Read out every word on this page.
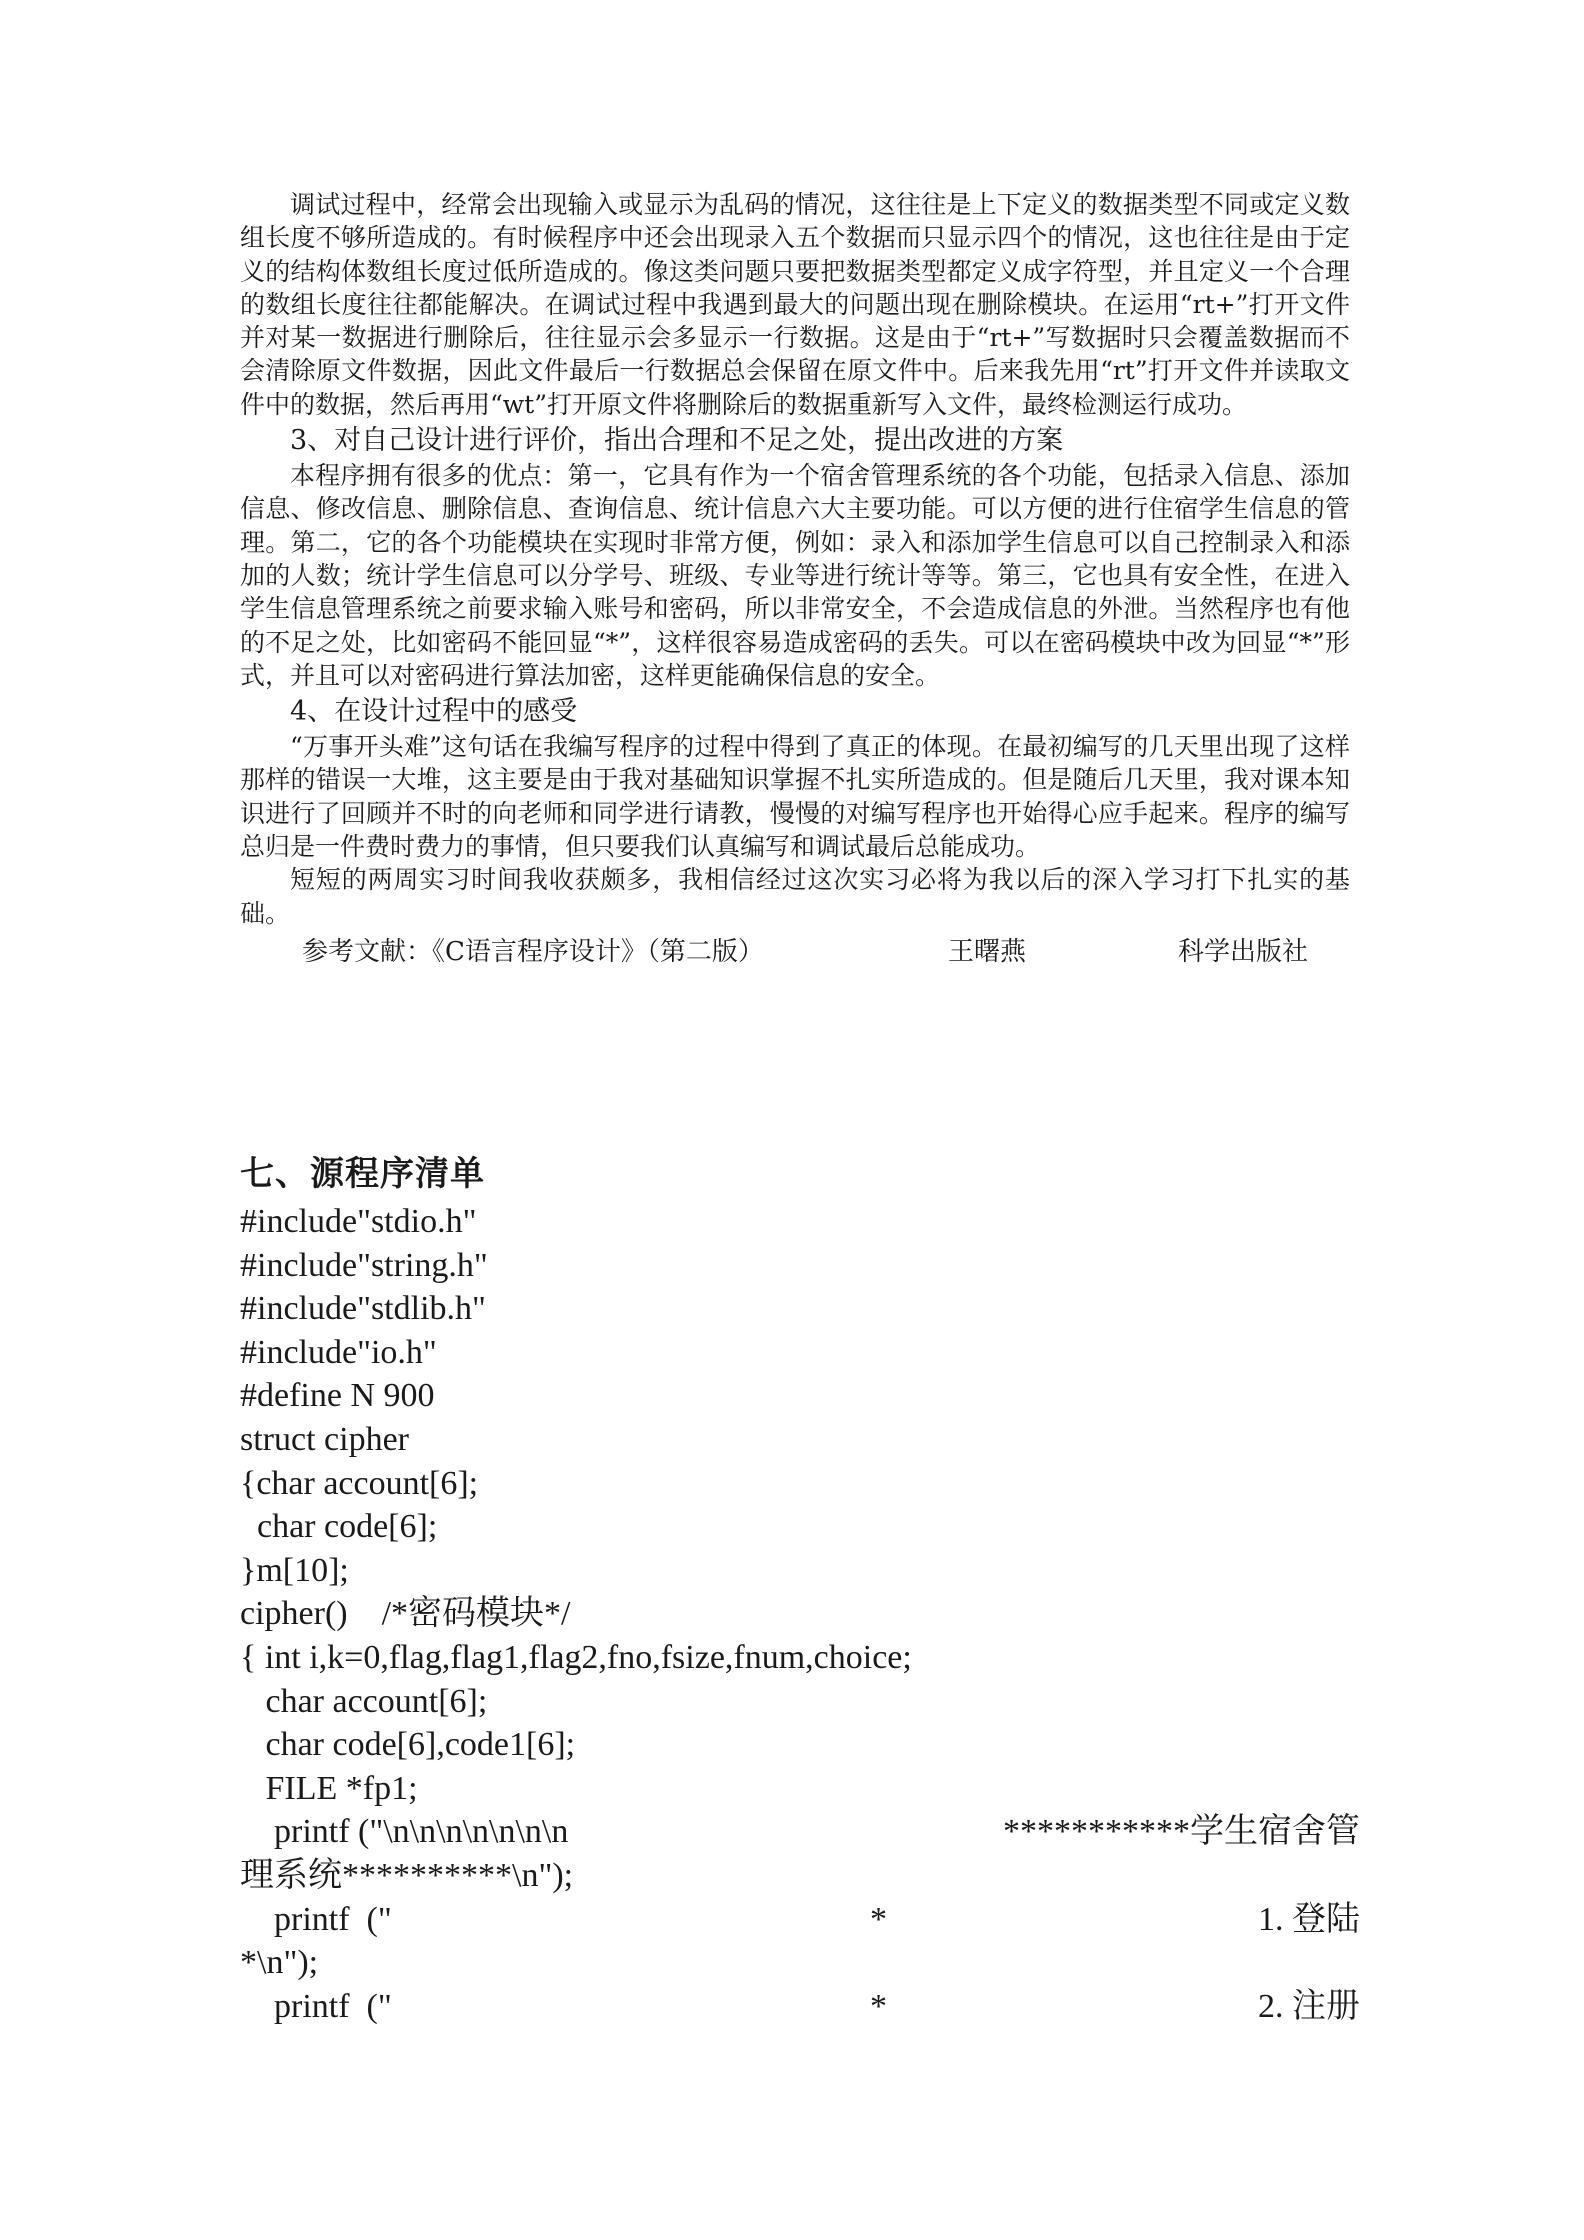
调试过程中，经常会出现输入或显示为乱码的情况，这往往是上下定义的数据类型不同或定义数组长度不够所造成的。有时候程序中还会出现录入五个数据而只显示四个的情况，这也往往是由于定义的结构体数组长度过低所造成的。像这类问题只要把数据类型都定义成字符型，并且定义一个合理的数组长度往往都能解决。在调试过程中我遇到最大的问题出现在删除模块。在运用“rt+”打开文件并对某一数据进行删除后，往往显示会多显示一行数据。这是由于“rt+”写数据时只会覆盖数据而不会清除原文件数据，因此文件最后一行数据总会保留在原文件中。后来我先用“rt”打开文件并读取文件中的数据，然后再用“wt”打开原文件将删除后的数据重新写入文件，最终检测运行成功。

3、对自己设计进行评价，指出合理和不足之处，提出改进的方案

本程序拥有很多的优点：第一，它具有作为一个宿舍管理系统的各个功能，包括录入信息、添加信息、修改信息、删除信息、查询信息、统计信息六大主要功能。可以方便的进行住宿学生信息的管理。第二，它的各个功能模块在实现时非常方便，例如：录入和添加学生信息可以自己控制录入和添加的人数；统计学生信息可以分学号、班级、专业等进行统计等等。第三，它也具有安全性，在进入学生信息管理系统之前要求输入账号和密码，所以非常安全，不会造成信息的外泄。当然程序也有他的不足之处，比如密码不能回显“*”，这样很容易造成密码的丢失。可以在密码模块中改为回显“*”形式，并且可以对密码进行算法加密，这样更能确保信息的安全。

4、在设计过程中的感受

“万事开头难”这句话在我编写程序的过程中得到了真正的体现。在最初编写的几天里出现了这样那样的错误一大堆，这主要是由于我对基础知识掌握不扎实所造成的。但是随后几天里，我对课本知识进行了回顾并不时的向老师和同学进行请教，慢慢的对编写程序也开始得心应手起来。程序的编写总归是一件费时费力的事情，但只要我们认真编写和调试最后总能成功。

短短的两周实习时间我收获颇多，我相信经过这次实习必将为我以后的深入学习打下扎实的基础。

参考文献：《C语言程序设计》（第二版）	王曙燕	科学出版社
七、源程序清单
#include"stdio.h"
#include"string.h"
#include"stdlib.h"
#include"io.h"
#define N 900
struct cipher
{char account[6];
char code[6];
}m[10];
cipher()    /*密码模块*/
{ int i,k=0,flag,flag1,flag2,fno,fsize,fnum,choice;
char account[6];
char code[6],code1[6];
FILE *fp1;

printf ("\n\n\n\n\n\n\n

	***********学生宿舍管

理系统**********\n");

printf  ("

	*

	1. 登陆

*\n");

printf  ("

	*

	2. 注册
